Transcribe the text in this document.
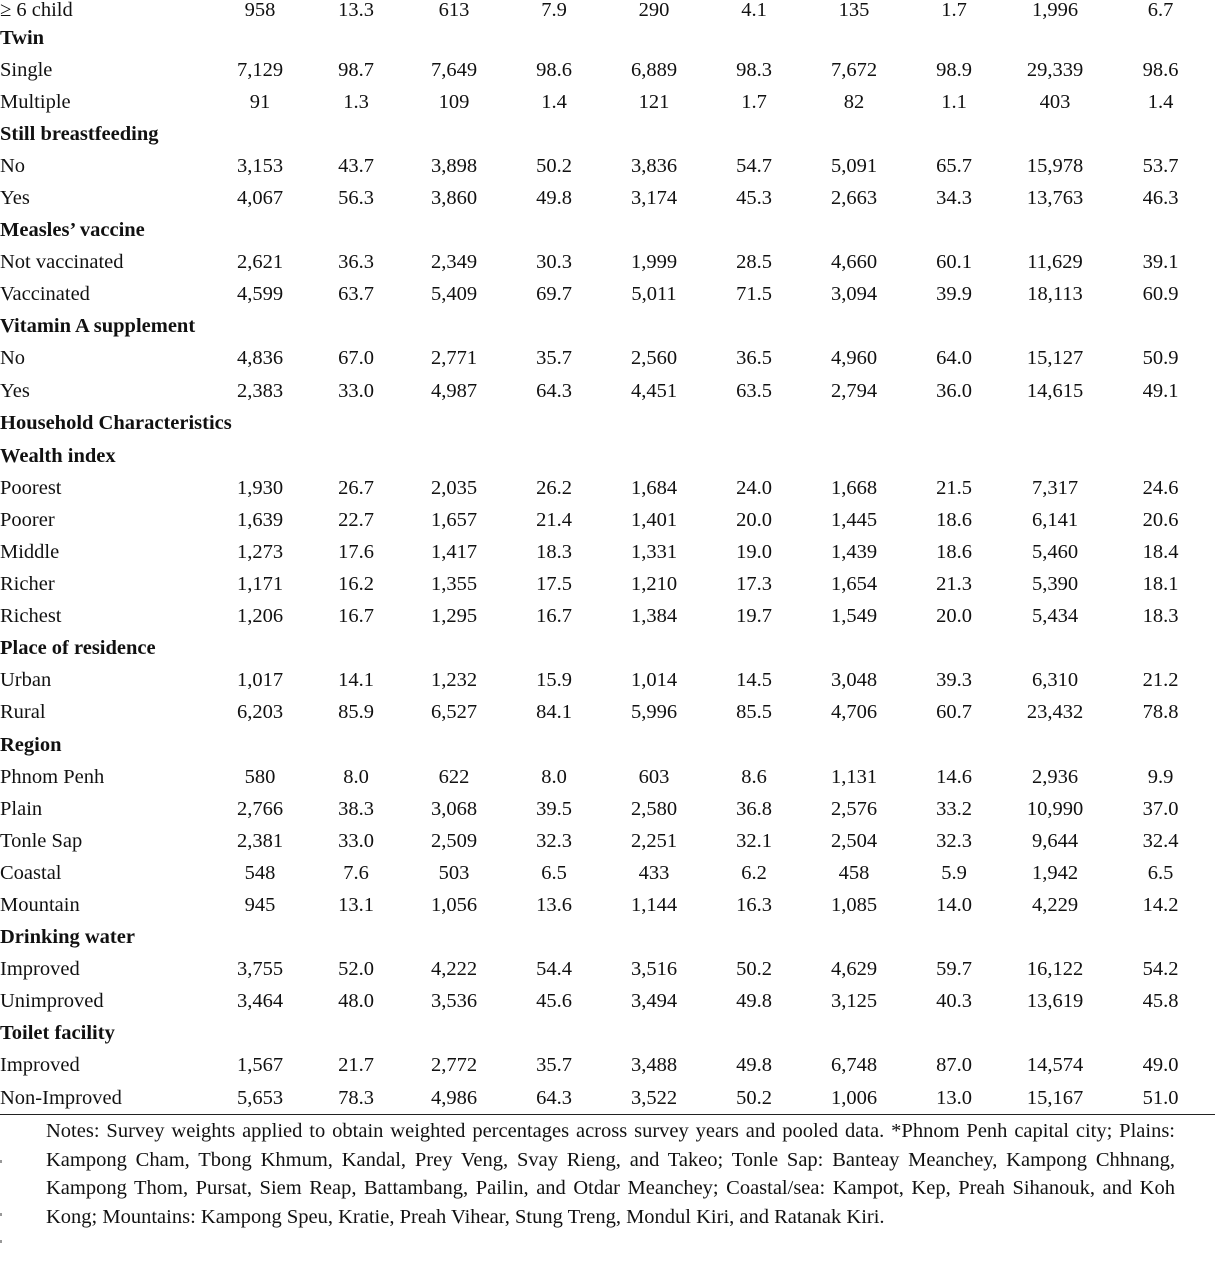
≥ 6 child	958	13.3	613	7.9	290	4.1	135	1.7	1,996	6.7
Twin										
Single	7,129	98.7	7,649	98.6	6,889	98.3	7,672	98.9	29,339	98.6
Multiple	91	1.3	109	1.4	121	1.7	82	1.1	403	1.4
Still breastfeeding										
No	3,153	43.7	3,898	50.2	3,836	54.7	5,091	65.7	15,978	53.7
Yes	4,067	56.3	3,860	49.8	3,174	45.3	2,663	34.3	13,763	46.3
Measles’ vaccine										
Not vaccinated	2,621	36.3	2,349	30.3	1,999	28.5	4,660	60.1	11,629	39.1
Vaccinated	4,599	63.7	5,409	69.7	5,011	71.5	3,094	39.9	18,113	60.9
Vitamin A supplement										
No	4,836	67.0	2,771	35.7	2,560	36.5	4,960	64.0	15,127	50.9
Yes	2,383	33.0	4,987	64.3	4,451	63.5	2,794	36.0	14,615	49.1
Household Characteristics										
Wealth index										
Poorest	1,930	26.7	2,035	26.2	1,684	24.0	1,668	21.5	7,317	24.6
Poorer	1,639	22.7	1,657	21.4	1,401	20.0	1,445	18.6	6,141	20.6
Middle	1,273	17.6	1,417	18.3	1,331	19.0	1,439	18.6	5,460	18.4
Richer	1,171	16.2	1,355	17.5	1,210	17.3	1,654	21.3	5,390	18.1
Richest	1,206	16.7	1,295	16.7	1,384	19.7	1,549	20.0	5,434	18.3
Place of residence										
Urban	1,017	14.1	1,232	15.9	1,014	14.5	3,048	39.3	6,310	21.2
Rural	6,203	85.9	6,527	84.1	5,996	85.5	4,706	60.7	23,432	78.8
Region										
Phnom Penh	580	8.0	622	8.0	603	8.6	1,131	14.6	2,936	9.9
Plain	2,766	38.3	3,068	39.5	2,580	36.8	2,576	33.2	10,990	37.0
Tonle Sap	2,381	33.0	2,509	32.3	2,251	32.1	2,504	32.3	9,644	32.4
Coastal	548	7.6	503	6.5	433	6.2	458	5.9	1,942	6.5
Mountain	945	13.1	1,056	13.6	1,144	16.3	1,085	14.0	4,229	14.2
Drinking water										
Improved	3,755	52.0	4,222	54.4	3,516	50.2	4,629	59.7	16,122	54.2
Unimproved	3,464	48.0	3,536	45.6	3,494	49.8	3,125	40.3	13,619	45.8
Toilet facility										
Improved	1,567	21.7	2,772	35.7	3,488	49.8	6,748	87.0	14,574	49.0
Non-Improved	5,653	78.3	4,986	64.3	3,522	50.2	1,006	13.0	15,167	51.0

Notes: Survey weights applied to obtain weighted percentages across survey years and pooled data. *Phnom Penh capital city; Plains: Kampong Cham, Tbong Khmum, Kandal, Prey Veng, Svay Rieng, and Takeo; Tonle Sap: Banteay Meanchey, Kampong Chhnang, Kampong Thom, Pursat, Siem Reap, Battambang, Pailin, and Otdar Meanchey; Coastal/sea: Kampot, Kep, Preah Sihanouk, and Koh Kong; Mountains: Kampong Speu, Kratie, Preah Vihear, Stung Treng, Mondul Kiri, and Ratanak Kiri.
